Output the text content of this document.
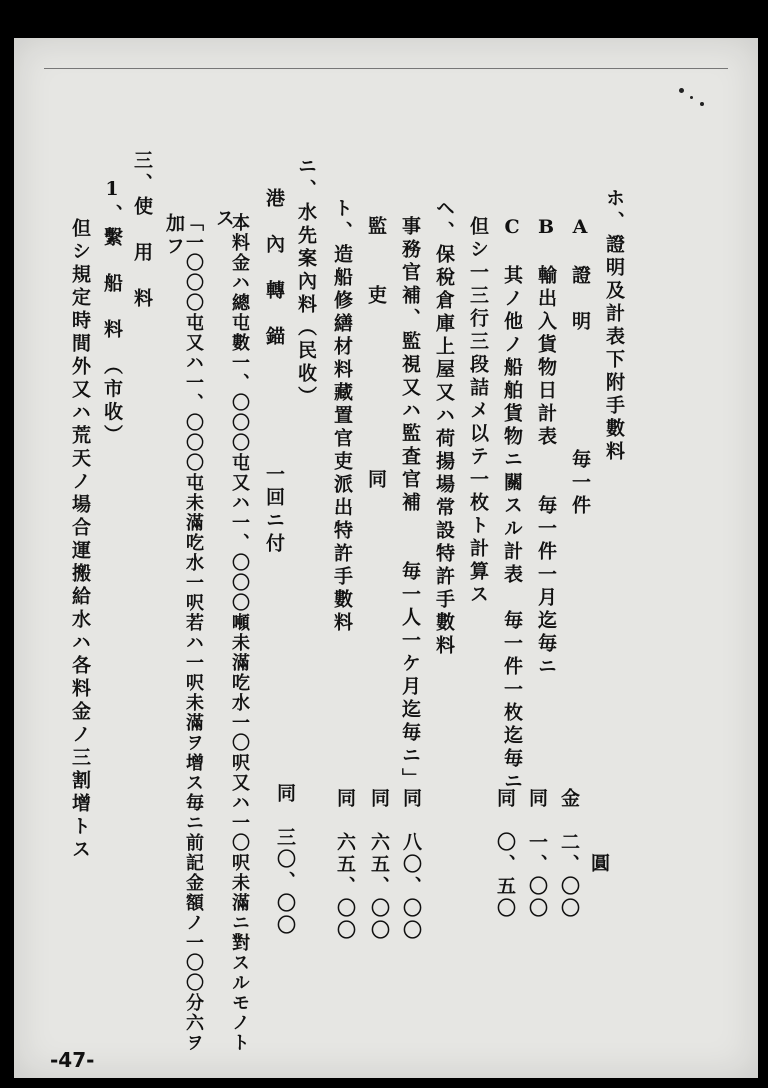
ホ、證明及計表下附手數料
A　證　明　　　　　毎一件
B　輸出入貨物日計表　　毎一件一月迄毎ニ
C　其ノ他ノ船舶貨物ニ關スル計表　毎一件一枚迄毎ニ
但シ一三行三段詰メ以テ一枚ト計算ス
ヘ、保稅倉庫上屋又ハ荷揚場常設特許手數料
事務官補、監視又ハ監査官補　　毎一人一ケ月迄毎ニ」
監　　吏　　　　　　　同
ト、造船修繕材料藏置官吏派出特許手數料
ニ、水先案內料（民收）
港　內　轉　錨　　　　　一回ニ付
本料金ハ總屯數一、〇〇〇屯又ハ一、〇〇〇噸未滿吃水一〇呎又ハ一〇呎未滿ニ對スルモノト
ス
「一〇〇〇屯又ハ一、〇〇〇屯未滿吃水一呎若ハ一呎未滿ヲ增ス毎ニ前記金額ノ一〇〇分六ヲ
加フ
三、使　用　料
1、繫　船　料　（市收）
但シ規定時間外又ハ荒天ノ場合運搬給水ハ各料金ノ三割增トス
圓
金　二、〇〇
同　一、〇〇
同　〇、五〇
同　八〇、〇〇
同　六五、〇〇
同　六五、〇〇
同　三〇、〇〇
-47-
